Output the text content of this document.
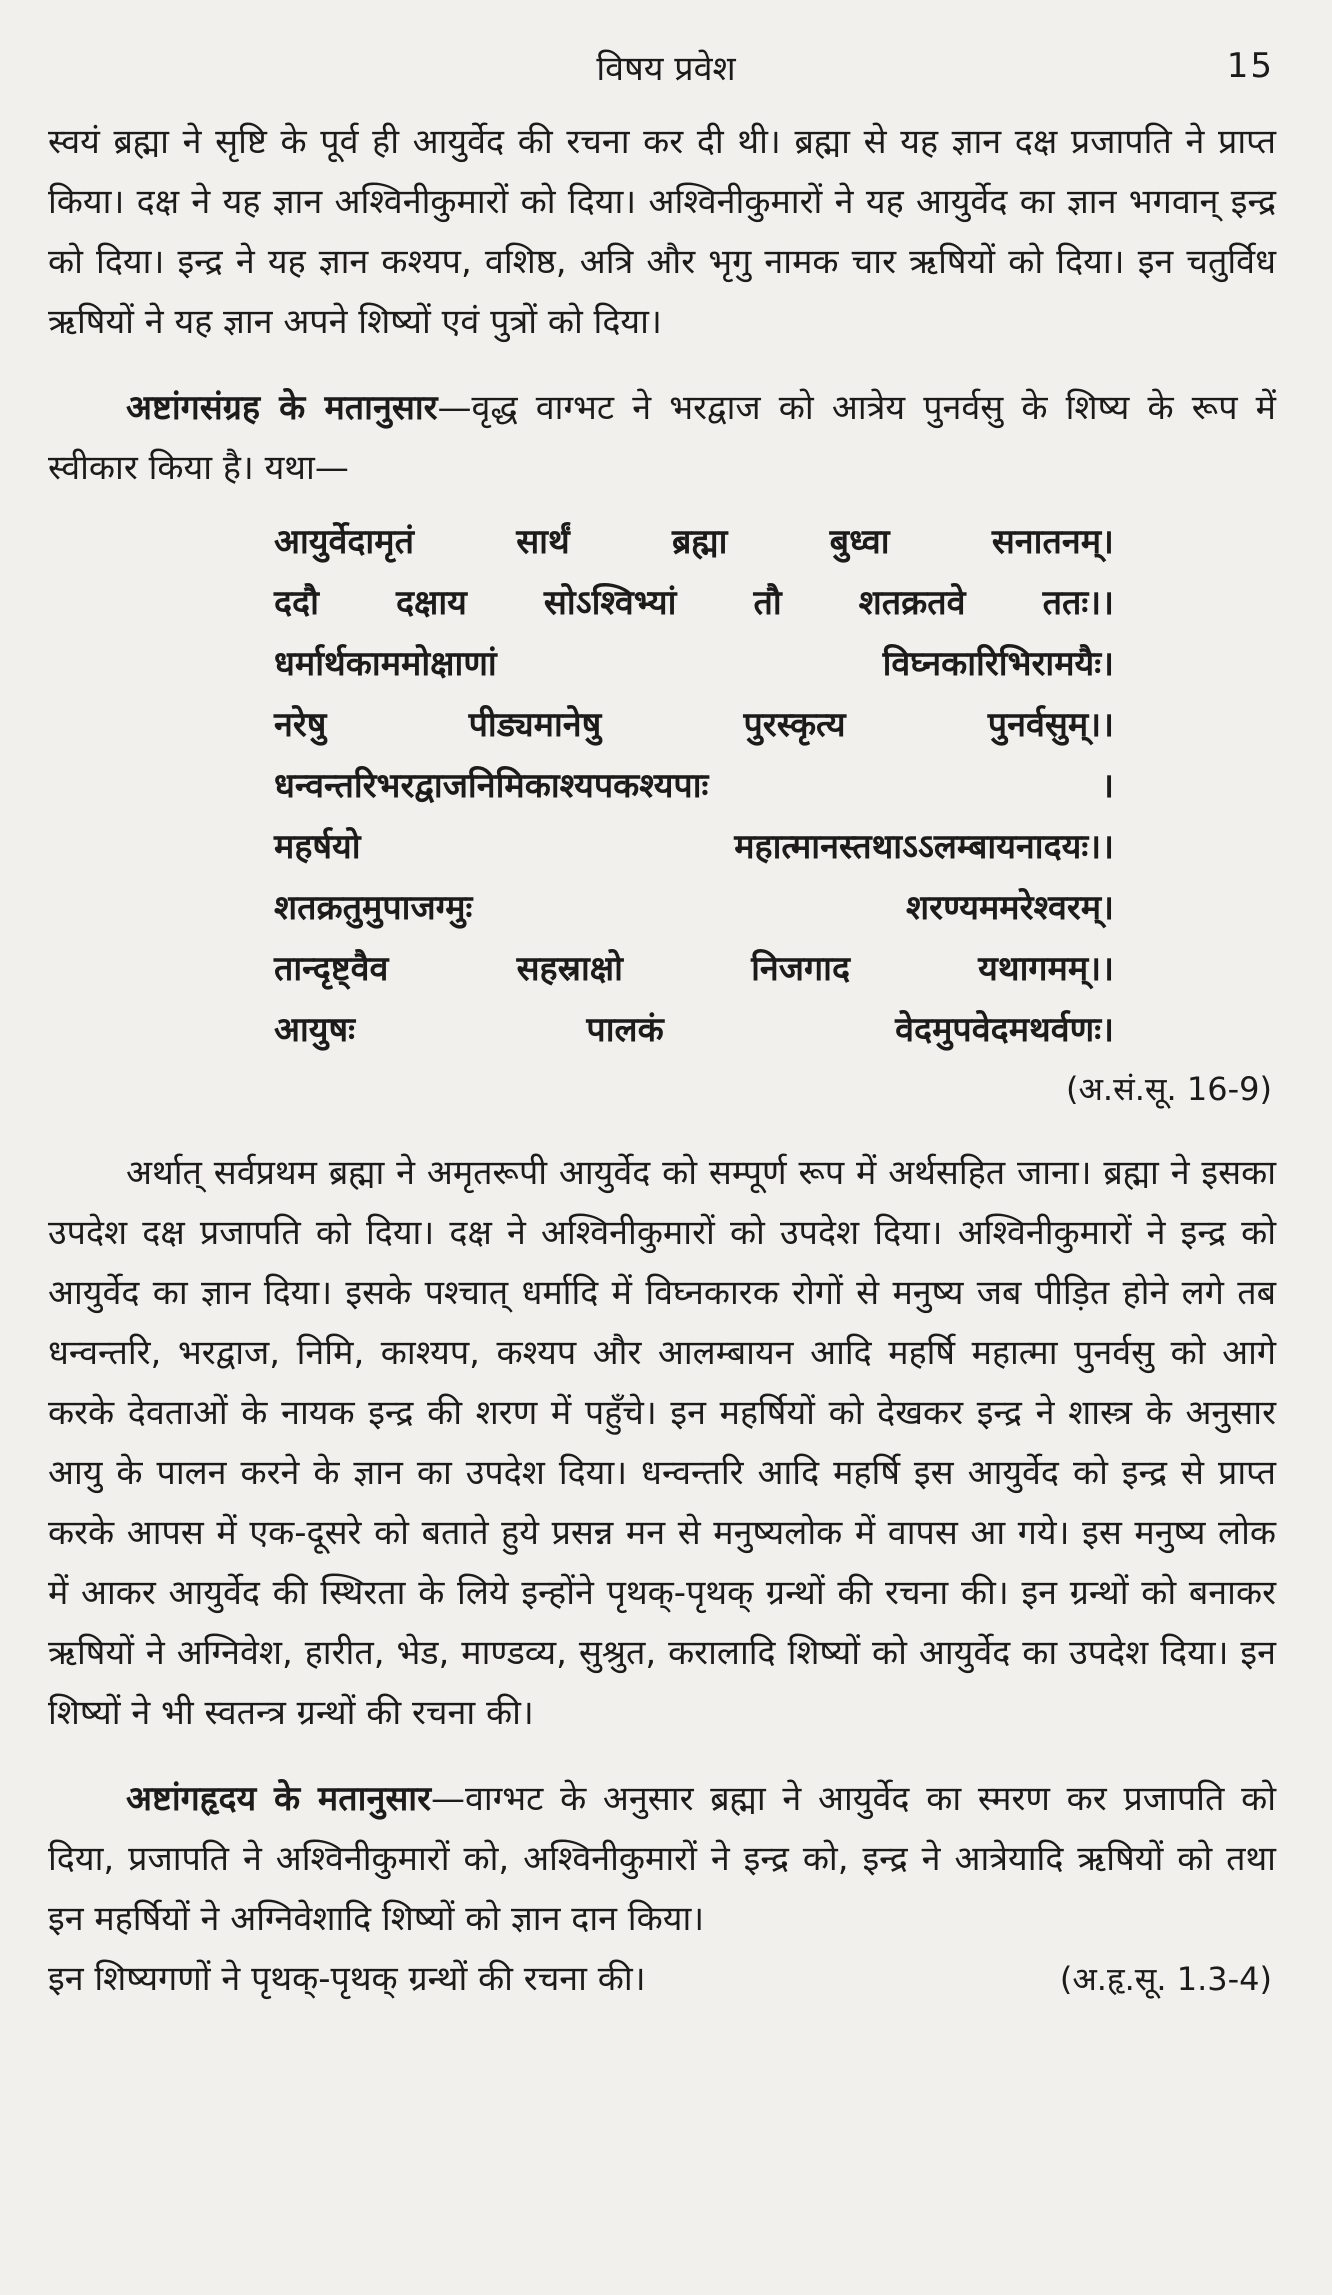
विषय प्रवेश	15

स्वयं ब्रह्मा ने सृष्टि के पूर्व ही आयुर्वेद की रचना कर दी थी। ब्रह्मा से यह ज्ञान दक्ष प्रजापति ने प्राप्त किया। दक्ष ने यह ज्ञान अश्विनीकुमारों को दिया। अश्विनीकुमारों ने यह आयुर्वेद का ज्ञान भगवान् इन्द्र को दिया। इन्द्र ने यह ज्ञान कश्यप, वशिष्ठ, अत्रि और भृगु नामक चार ऋषियों को दिया। इन चतुर्विध ऋषियों ने यह ज्ञान अपने शिष्यों एवं पुत्रों को दिया।

अष्टांगसंग्रह के मतानुसार—वृद्ध वाग्भट ने भरद्वाज को आत्रेय पुनर्वसु के शिष्य के रूप में स्वीकार किया है। यथा—

आयुर्वेदामृतं	सार्थं	ब्रह्मा	बुध्वा	सनातनम्।
ददौ दक्षाय सोऽश्विभ्यां तौ शतक्रतवे ततः।।
धर्मार्थकाममोक्षाणां	विघ्नकारिभिरामयैः।
नरेषु	पीड्यमानेषु	पुरस्कृत्य	पुनर्वसुम्।।
धन्वन्तरिभरद्वाजनिमिकाश्यपकश्यपाः	।
महर्षयो	महात्मानस्तथाऽऽलम्बायनादयः।।
शतक्रतुमुपाजग्मुः	शरण्यममरेश्वरम्।
तान्दृष्ट्वैव	सहस्राक्षो	निजगाद	यथागमम्।।
आयुषः	पालकं	वेदमुपवेदमथर्वणः।
(अ.सं.सू. 16-9)

अर्थात् सर्वप्रथम ब्रह्मा ने अमृतरूपी आयुर्वेद को सम्पूर्ण रूप में अर्थसहित जाना। ब्रह्मा ने इसका उपदेश दक्ष प्रजापति को दिया। दक्ष ने अश्विनीकुमारों को उपदेश दिया। अश्विनीकुमारों ने इन्द्र को आयुर्वेद का ज्ञान दिया। इसके पश्चात् धर्मादि में विघ्नकारक रोगों से मनुष्य जब पीड़ित होने लगे तब धन्वन्तरि, भरद्वाज, निमि, काश्यप, कश्यप और आलम्बायन आदि महर्षि महात्मा पुनर्वसु को आगे करके देवताओं के नायक इन्द्र की शरण में पहुँचे। इन महर्षियों को देखकर इन्द्र ने शास्त्र के अनुसार आयु के पालन करने के ज्ञान का उपदेश दिया। धन्वन्तरि आदि महर्षि इस आयुर्वेद को इन्द्र से प्राप्त करके आपस में एक-दूसरे को बताते हुये प्रसन्न मन से मनुष्यलोक में वापस आ गये। इस मनुष्य लोक में आकर आयुर्वेद की स्थिरता के लिये इन्होंने पृथक्-पृथक् ग्रन्थों की रचना की। इन ग्रन्थों को बनाकर ऋषियों ने अग्निवेश, हारीत, भेड, माण्डव्य, सुश्रुत, करालादि शिष्यों को आयुर्वेद का उपदेश दिया। इन शिष्यों ने भी स्वतन्त्र ग्रन्थों की रचना की।

अष्टांगहृदय के मतानुसार—वाग्भट के अनुसार ब्रह्मा ने आयुर्वेद का स्मरण कर प्रजापति को दिया, प्रजापति ने अश्विनीकुमारों को, अश्विनीकुमारों ने इन्द्र को, इन्द्र ने आत्रेयादि ऋषियों को तथा इन महर्षियों ने अग्निवेशादि शिष्यों को ज्ञान दान किया।

इन शिष्यगणों ने पृथक्-पृथक् ग्रन्थों की रचना की।	(अ.हृ.सू. 1.3-4)
